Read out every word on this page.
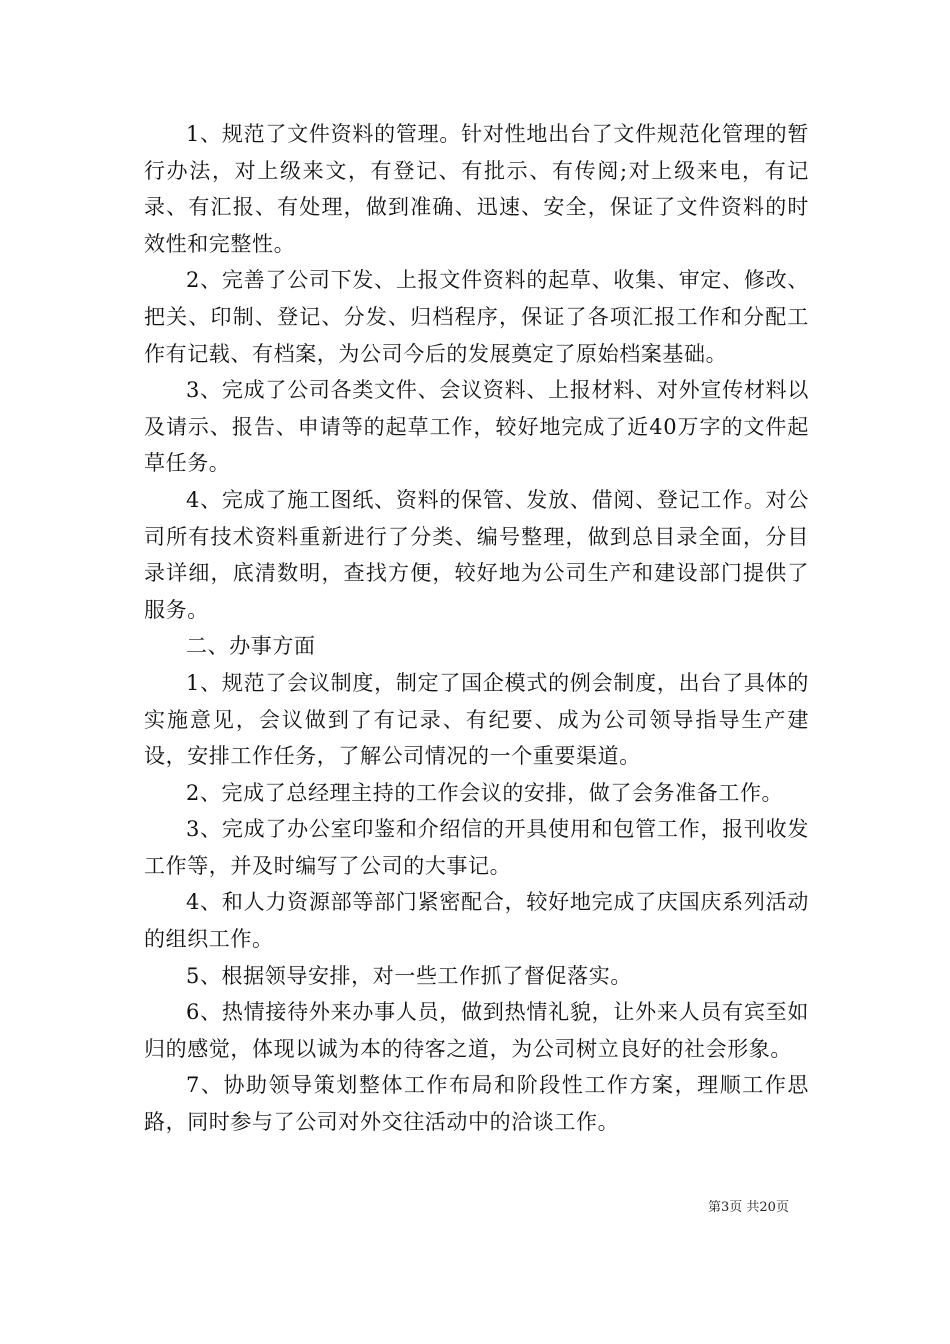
1、规范了文件资料的管理。针对性地出台了文件规范化管理的暂行办法，对上级来文，有登记、有批示、有传阅;对上级来电，有记录、有汇报、有处理，做到准确、迅速、安全，保证了文件资料的时效性和完整性。

2、完善了公司下发、上报文件资料的起草、收集、审定、修改、把关、印制、登记、分发、归档程序，保证了各项汇报工作和分配工作有记载、有档案，为公司今后的发展奠定了原始档案基础。

3、完成了公司各类文件、会议资料、上报材料、对外宣传材料以及请示、报告、申请等的起草工作，较好地完成了近40万字的文件起草任务。

4、完成了施工图纸、资料的保管、发放、借阅、登记工作。对公司所有技术资料重新进行了分类、编号整理，做到总目录全面，分目录详细，底清数明，查找方便，较好地为公司生产和建设部门提供了服务。

二、办事方面

1、规范了会议制度，制定了国企模式的例会制度，出台了具体的实施意见，会议做到了有记录、有纪要、成为公司领导指导生产建设，安排工作任务，了解公司情况的一个重要渠道。

2、完成了总经理主持的工作会议的安排，做了会务准备工作。

3、完成了办公室印鉴和介绍信的开具使用和包管工作，报刊收发工作等，并及时编写了公司的大事记。

4、和人力资源部等部门紧密配合，较好地完成了庆国庆系列活动的组织工作。

5、根据领导安排，对一些工作抓了督促落实。

6、热情接待外来办事人员，做到热情礼貌，让外来人员有宾至如归的感觉，体现以诚为本的待客之道，为公司树立良好的社会形象。

7、协助领导策划整体工作布局和阶段性工作方案，理顺工作思路，同时参与了公司对外交往活动中的洽谈工作。

第3页 共20页
